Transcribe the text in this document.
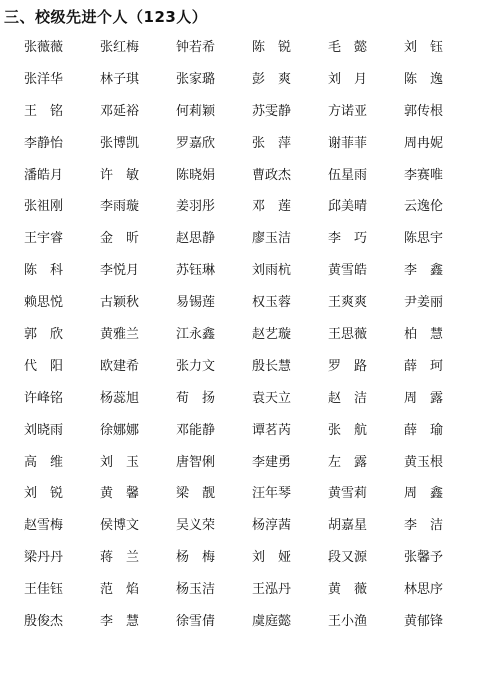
三、校级先进个人（123人）
张薇薇	张红梅	钟若希	陈　锐	毛　懿	刘　钰
张洋华	林子琪	张家璐	彭　爽	刘　月	陈　逸
王　铭	邓延裕	何莉颖	苏雯静	方诺亚	郭传根
李静怡	张博凯	罗嘉欣	张　萍	谢菲菲	周冉妮
潘皓月	许　敏	陈晓娟	曹政杰	伍星雨	李赛唯
张祖刚	李雨璇	姜羽彤	邓　莲	邱美晴	云逸伦
王宇睿	金　昕	赵思静	廖玉洁	李　巧	陈思宇
陈　科	李悦月	苏钰琳	刘雨杭	黄雪皓	李　鑫
赖思悦	古颖秋	易锡莲	权玉蓉	王爽爽	尹姜丽
郭　欣	黄雅兰	江永鑫	赵艺璇	王思薇	柏　慧
代　阳	欧建希	张力文	殷长慧	罗　路	薛　珂
许峰铭	杨蕊旭	荀　扬	袁天立	赵　洁	周　露
刘晓雨	徐娜娜	邓能静	谭茗芮	张　航	薛　瑜
高　维	刘　玉	唐智俐	李建勇	左　露	黄玉根
刘　锐	黄　馨	梁　靓	汪年琴	黄雪莉	周　鑫
赵雪梅	侯博文	吴义荣	杨淳茜	胡嘉星	李　洁
梁丹丹	蒋　兰	杨　梅	刘　娅	段又源	张馨予
王佳钰	范　焰	杨玉洁	王泓丹	黄　薇	林思序
殷俊杰	李　慧	徐雪倩	虞庭懿	王小渔	黄郁锋
